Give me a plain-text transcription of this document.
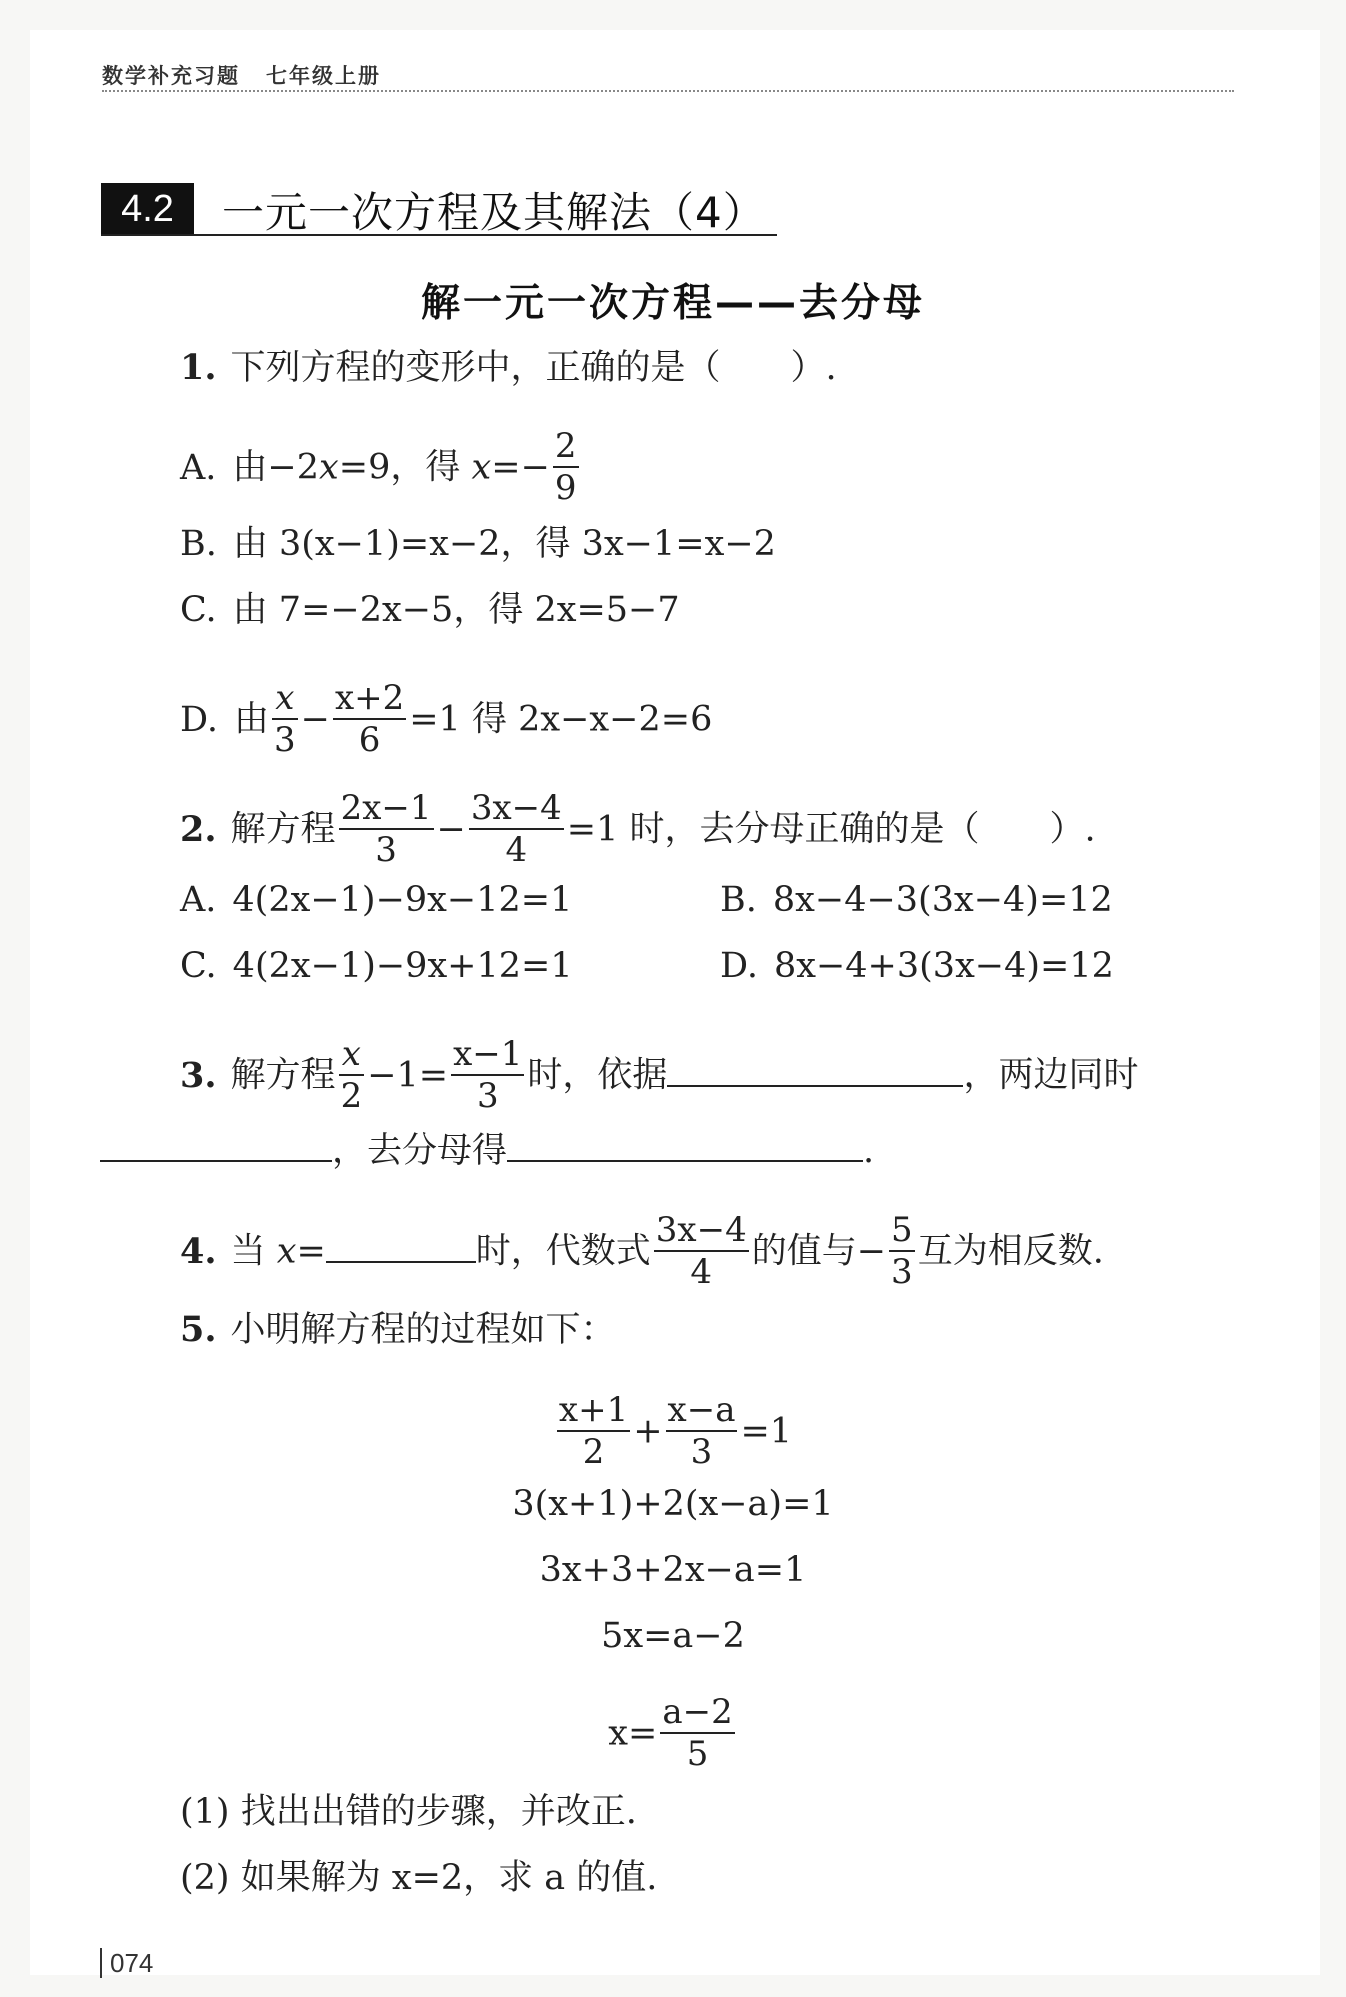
数学补充习题 七年级上册
4.2	一元一次方程及其解法（4）
解一元一次方程——去分母
1. 下列方程的变形中，正确的是（　　）.
A. 由−2x=9，得 $x=- \frac{2}{9}$
B. 由 3(x−1)=x−2，得 3x−1=x−2
C. 由 7=−2x−5，得 2x=5−7
D. 由 $\frac{x}{3} - \frac{x+2}{6} =1$ 得 2x−x−2=6
2. 解方程 $\frac{2x-1}{3} - \frac{3x-4}{4} =1$ 时，去分母正确的是（　　）.
A. 4(2x−1)−9x−12=1	B. 8x−4−3(3x−4)=12
C. 4(2x−1)−9x+12=1	D. 8x−4+3(3x−4)=12
3. 解方程 $\frac{x}{2} -1= \frac{x-1}{3}$ 时，依据	，两边同时
，去分母得	.
4. 当 x=	时，代数式 $\frac{3x-4}{4}$ 的值与− $\frac{5}{3}$ 互为相反数.
5. 小明解方程的过程如下：
$\frac{x+1}{2} + \frac{x-a}{3} =1$
3(x+1)+2(x−a)=1
3x+3+2x−a=1
5x=a−2
$x= \frac{a-2}{5}$
(1) 找出出错的步骤，并改正.
(2) 如果解为 x=2，求 a 的值.
074
